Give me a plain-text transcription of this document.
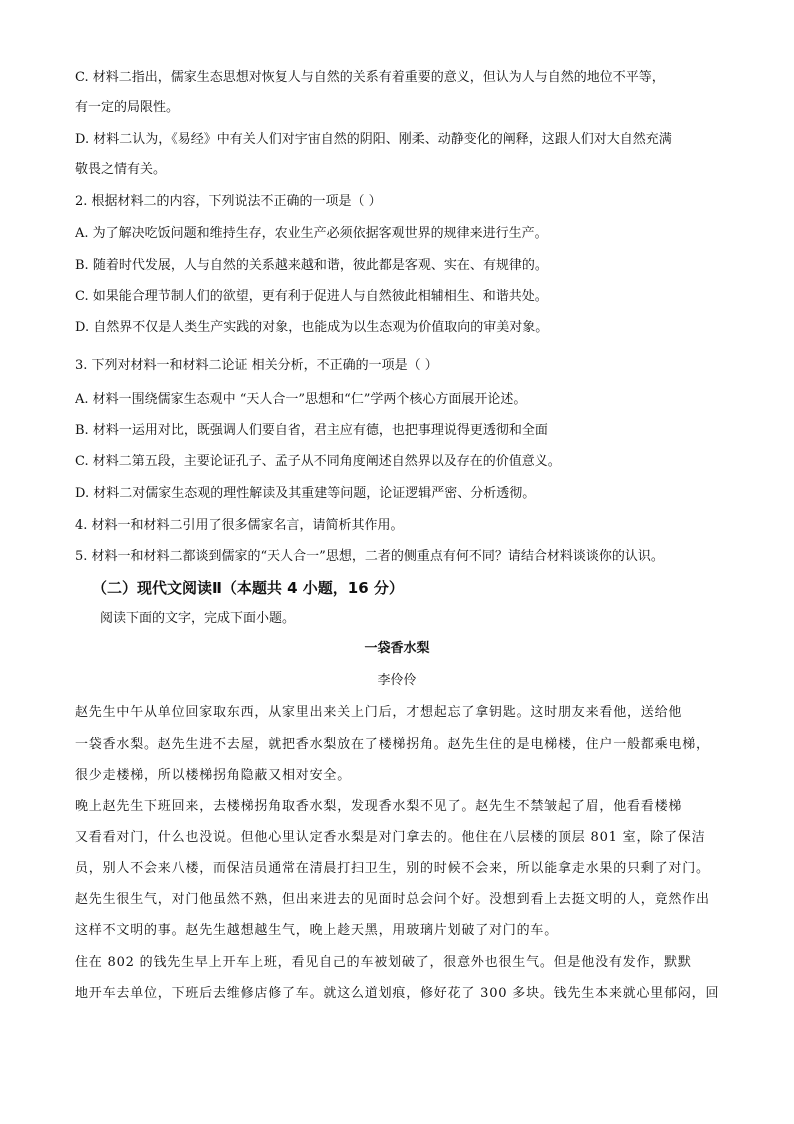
C. 材料二指出，儒家生态思想对恢复人与自然的关系有着重要的意义，但认为人与自然的地位不平等，
有一定的局限性。
D. 材料二认为，《易经》中有关人们对宇宙自然的阴阳、刚柔、动静变化的阐释，这跟人们对大自然充满
敬畏之情有关。
2. 根据材料二的内容，下列说法不正确的一项是（ ）
A. 为了解决吃饭问题和维持生存，农业生产必须依据客观世界的规律来进行生产。
B. 随着时代发展，人与自然的关系越来越和谐，彼此都是客观、实在、有规律的。
C. 如果能合理节制人们的欲望，更有利于促进人与自然彼此相辅相生、和谐共处。
D. 自然界不仅是人类生产实践的对象，也能成为以生态观为价值取向的审美对象。
3. 下列对材料一和材料二论证 相关分析，不正确的一项是（ ）
A. 材料一围绕儒家生态观中 “天人合一”思想和“仁”学两个核心方面展开论述。
B. 材料一运用对比，既强调人们要自省，君主应有德，也把事理说得更透彻和全面
C. 材料二第五段，主要论证孔子、孟子从不同角度阐述自然界以及存在的价值意义。
D. 材料二对儒家生态观的理性解读及其重建等问题，论证逻辑严密、分析透彻。
4. 材料一和材料二引用了很多儒家名言，请简析其作用。
5. 材料一和材料二都谈到儒家的“天人合一”思想，二者的侧重点有何不同？请结合材料谈谈你的认识。
（二）现代文阅读Ⅱ（本题共 4 小题，16 分）
阅读下面的文字，完成下面小题。
一袋香水梨
李伶伶
赵先生中午从单位回家取东西，从家里出来关上门后，才想起忘了拿钥匙。这时朋友来看他，送给他
一袋香水梨。赵先生进不去屋，就把香水梨放在了楼梯拐角。赵先生住的是电梯楼，住户一般都乘电梯，
很少走楼梯，所以楼梯拐角隐蔽又相对安全。
晚上赵先生下班回来，去楼梯拐角取香水梨，发现香水梨不见了。赵先生不禁皱起了眉，他看看楼梯
又看看对门，什么也没说。但他心里认定香水梨是对门拿去的。他住在八层楼的顶层 801 室，除了保洁
员，别人不会来八楼，而保洁员通常在清晨打扫卫生，别的时候不会来，所以能拿走水果的只剩了对门。
赵先生很生气，对门他虽然不熟，但出来进去的见面时总会问个好。没想到看上去挺文明的人，竟然作出
这样不文明的事。赵先生越想越生气，晚上趁天黑，用玻璃片划破了对门的车。
住在 802 的钱先生早上开车上班，看见自己的车被划破了，很意外也很生气。但是他没有发作，默默
地开车去单位，下班后去维修店修了车。就这么道划痕，修好花了 300 多块。钱先生本来就心里郁闷，回
